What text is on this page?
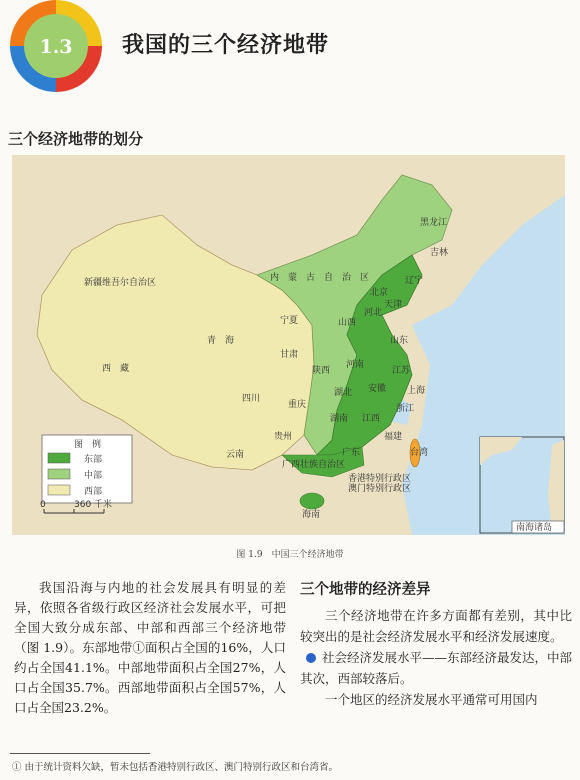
1.3 我国的三个经济地带
三个经济地带的划分
新疆维吾尔自治区	内　蒙　古　自　治　区
黑龙江
吉林
辽宁
北京
天津
河北
山西
山东
宁夏
甘肃
青　海
陕西
河南
江苏
上海
西　藏
四川
重庆
湖北 安徽
浙江
湖南 江西
福建
台湾
贵州
云南
广西壮族自治区
广东
香港特别行政区
澳门特别行政区
海南
图　例
东部
中部
西部
0	360 千米
南海诸岛
图 1.9　中国三个经济地带

我国沿海与内地的社会发展具有明显的差异，依照各省级行政区经济社会发展水平，可把全国大致分成东部、中部和西部三个经济地带（图 1.9）。东部地带①面积占全国的16%，人口约占全国41.1%。中部地带面积占全国27%，人口占全国35.7%。西部地带面积占全国57%，人口占全国23.2%。

三个地带的经济差异

三个经济地带在许多方面都有差别，其中比较突出的是社会经济发展水平和经济发展速度。

社会经济发展水平——东部经济最发达，中部其次，西部较落后。

一个地区的经济发展水平通常可用国内

① 由于统计资料欠缺，暂未包括香港特别行政区、澳门特别行政区和台湾省。
